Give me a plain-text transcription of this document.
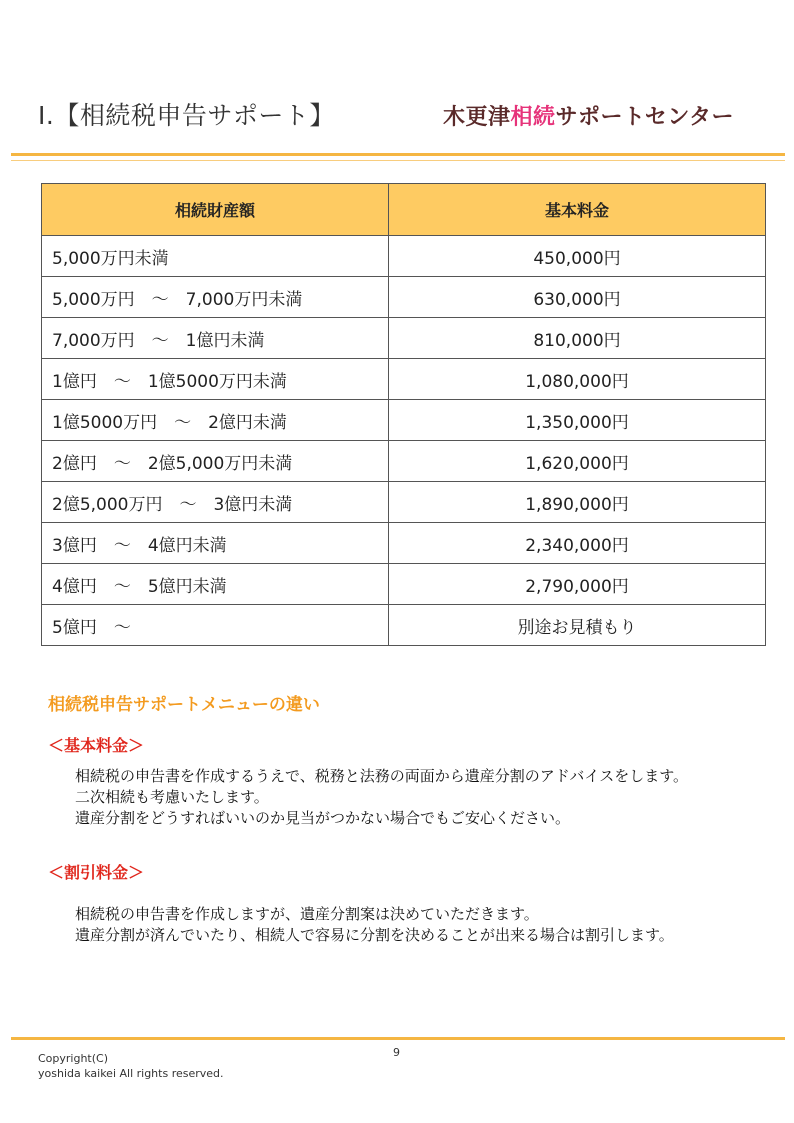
Ⅰ.【相続税申告サポート】	木更津相続サポートセンター
相続財産額	基本料金
5,000万円未満	450,000円
5,000万円　～　7,000万円未満	630,000円
7,000万円　～　1億円未満	810,000円
1億円　～　1億5000万円未満	1,080,000円
1億5000万円　～　2億円未満	1,350,000円
2億円　～　2億5,000万円未満	1,620,000円
2億5,000万円　～　3億円未満	1,890,000円
3億円　～　4億円未満	2,340,000円
4億円　～　5億円未満	2,790,000円
5億円　～	別途お見積もり
相続税申告サポートメニューの違い
＜基本料金＞

相続税の申告書を作成するうえで、税務と法務の両面から遺産分割のアドバイスをします。

二次相続も考慮いたします。

遺産分割をどうすればいいのか見当がつかない場合でもご安心ください。

＜割引料金＞

相続税の申告書を作成しますが、遺産分割案は決めていただきます。

遺産分割が済んでいたり、相続人で容易に分割を決めることが出来る場合は割引します。

Copyright(C)
yoshida kaikei All rights reserved.
9
